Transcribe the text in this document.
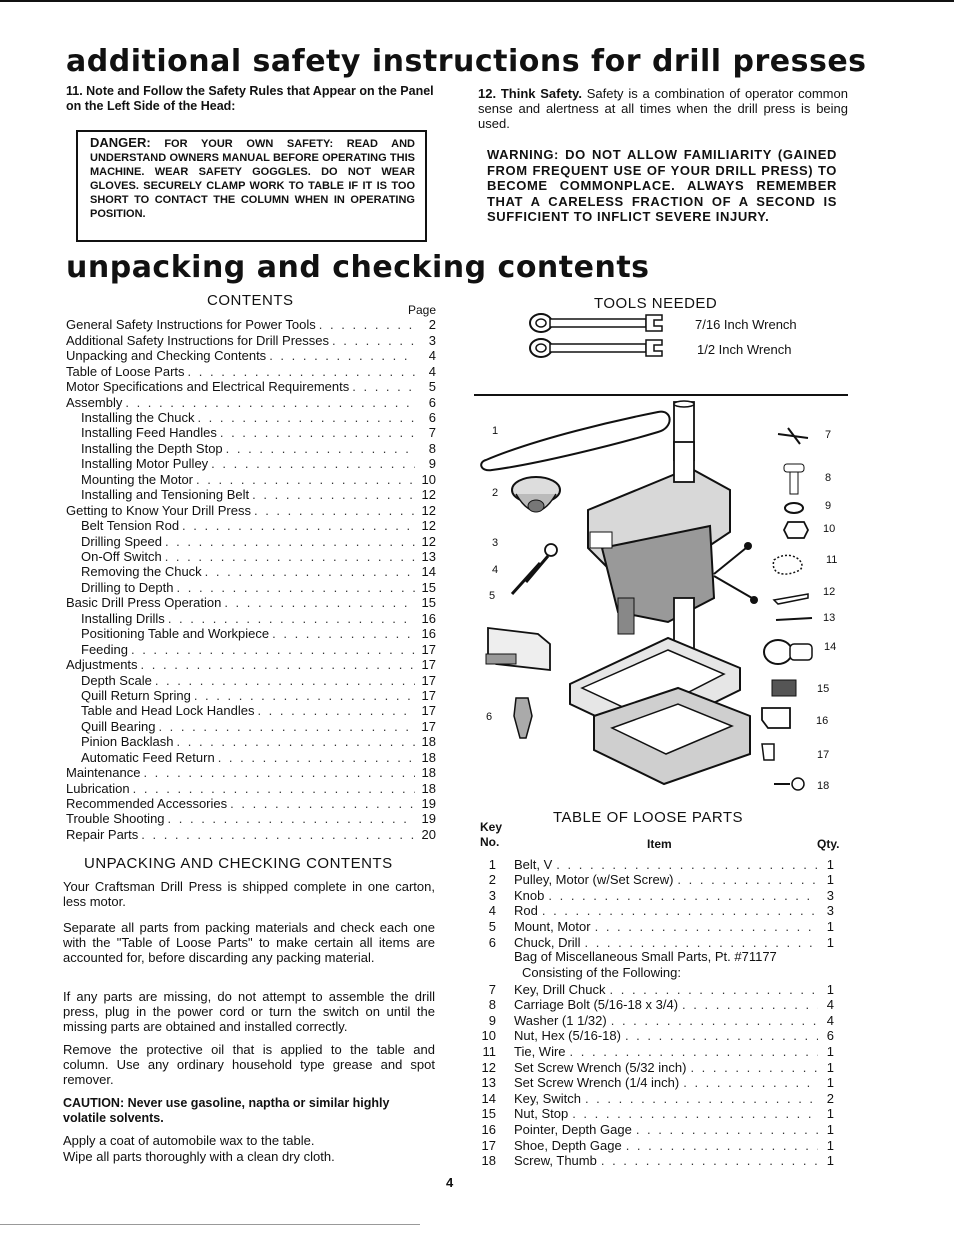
additional safety instructions for drill presses
11. Note and Follow the Safety Rules that Appear on the Panel on the Left Side of the Head:
DANGER: FOR YOUR OWN SAFETY: READ AND UNDERSTAND OWNERS MANUAL BEFORE OPERATING THIS MACHINE. WEAR SAFETY GOGGLES. DO NOT WEAR GLOVES. SECURELY CLAMP WORK TO TABLE IF IT IS TOO SHORT TO CONTACT THE COLUMN WHEN IN OPERATING POSITION.
12. Think Safety. Safety is a combination of operator common sense and alertness at all times when the drill press is being used.
WARNING: DO NOT ALLOW FAMILIARITY (GAINED FROM FREQUENT USE OF YOUR DRILL PRESS) TO BECOME COMMONPLACE. ALWAYS REMEMBER THAT A CARELESS FRACTION OF A SECOND IS SUFFICIENT TO INFLICT SEVERE INJURY.
unpacking and checking contents
CONTENTS
Page
General Safety Instructions for Power Tools . . .	2
Additional Safety Instructions for Drill Presses . . .	3
Unpacking and Checking Contents . . .	4
Table of Loose Parts . . .	4
Motor Specifications and Electrical Requirements . . .	5
Assembly . . .	6
Installing the Chuck . . .	6
Installing Feed Handles . . .	7
Installing the Depth Stop . . .	8
Installing Motor Pulley . . .	9
Mounting the Motor . . .	10
Installing and Tensioning Belt . . .	12
Getting to Know Your Drill Press . . .	12
Belt Tension Rod . . .	12
Drilling Speed . . .	12
On-Off Switch . . .	13
Removing the Chuck . . .	14
Drilling to Depth . . .	15
Basic Drill Press Operation . . .	15
Installing Drills . . .	16
Positioning Table and Workpiece . . .	16
Feeding . . .	17
Adjustments . . .	17
Depth Scale . . .	17
Quill Return Spring . . .	17
Table and Head Lock Handles . . .	17
Quill Bearing . . .	17
Pinion Backlash . . .	18
Automatic Feed Return . . .	18
Maintenance . . .	18
Lubrication . . .	18
Recommended Accessories . . .	19
Trouble Shooting . . .	19
Repair Parts . . .	20
UNPACKING AND CHECKING CONTENTS
Your Craftsman Drill Press is shipped complete in one carton, less motor.
Separate all parts from packing materials and check each one with the "Table of Loose Parts" to make certain all items are accounted for, before discarding any packing material.
If any parts are missing, do not attempt to assemble the drill press, plug in the power cord or turn the switch on until the missing parts are obtained and installed correctly.
Remove the protective oil that is applied to the table and column. Use any ordinary household type grease and spot remover.
CAUTION: Never use gasoline, naptha or similar highly volatile solvents.
Apply a coat of automobile wax to the table.
Wipe all parts thoroughly with a clean dry cloth.
TOOLS NEEDED
7/16 Inch Wrench
1/2 Inch Wrench
1
2
3
4
5
6
7
8
9
10
11
12
13
14
15
16
17
18
TABLE OF LOOSE PARTS
Key
No.	Item	Qty.
1 Belt, V . . .	1
2 Pulley, Motor (w/Set Screw) . . .	1
3 Knob . . .	3
4 Rod . . .	3
5 Mount, Motor . . .	1
6 Chuck, Drill . . .	1
Bag of Miscellaneous Small Parts, Pt. #71177
Consisting of the Following:
7 Key, Drill Chuck . . .	1
8 Carriage Bolt (5/16-18 x 3/4) . . .	4
9 Washer (1 1/32) . . .	4
10 Nut, Hex (5/16-18) . . .	6
11 Tie, Wire . . .	1
12 Set Screw Wrench (5/32 inch) . . .	1
13 Set Screw Wrench (1/4 inch) . . .	1
14 Key, Switch . . .	2
15 Nut, Stop . . .	1
16 Pointer, Depth Gage . . .	1
17 Shoe, Depth Gage . . .	1
18 Screw, Thumb . . .	1
4
